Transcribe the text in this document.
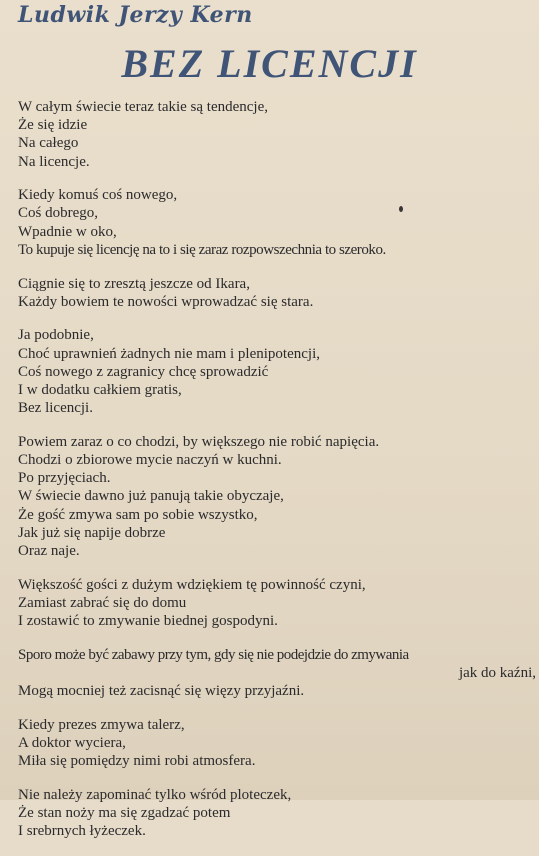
Ludwik Jerzy Kern
BEZ LICENCJI
W całym świecie teraz takie są tendencje,
Że się idzie
Na całego
Na licencje.
Kiedy komuś coś nowego,
Coś dobrego,
Wpadnie w oko,
To kupuje się licencję na to i się zaraz rozpowszechnia to szeroko.
Ciągnie się to zresztą jeszcze od Ikara,
Każdy bowiem te nowości wprowadzać się stara.
Ja podobnie,
Choć uprawnień żadnych nie mam i plenipotencji,
Coś nowego z zagranicy chcę sprowadzić
I w dodatku całkiem gratis,
Bez licencji.
Powiem zaraz o co chodzi, by większego nie robić napięcia.
Chodzi o zbiorowe mycie naczyń w kuchni.
Po przyjęciach.
W świecie dawno już panują takie obyczaje,
Że gość zmywa sam po sobie wszystko,
Jak już się napije dobrze
Oraz naje.
Większość gości z dużym wdziękiem tę powinność czyni,
Zamiast zabrać się do domu
I zostawić to zmywanie biednej gospodyni.
Sporo może być zabawy przy tym, gdy się nie podejdzie do zmywania
jak do kaźni,
Mogą mocniej też zacisnąć się więzy przyjaźni.
Kiedy prezes zmywa talerz,
A doktor wyciera,
Miła się pomiędzy nimi robi atmosfera.
Nie należy zapominać tylko wśród ploteczek,
Że stan noży ma się zgadzać potem
I srebrnych łyżeczek.
